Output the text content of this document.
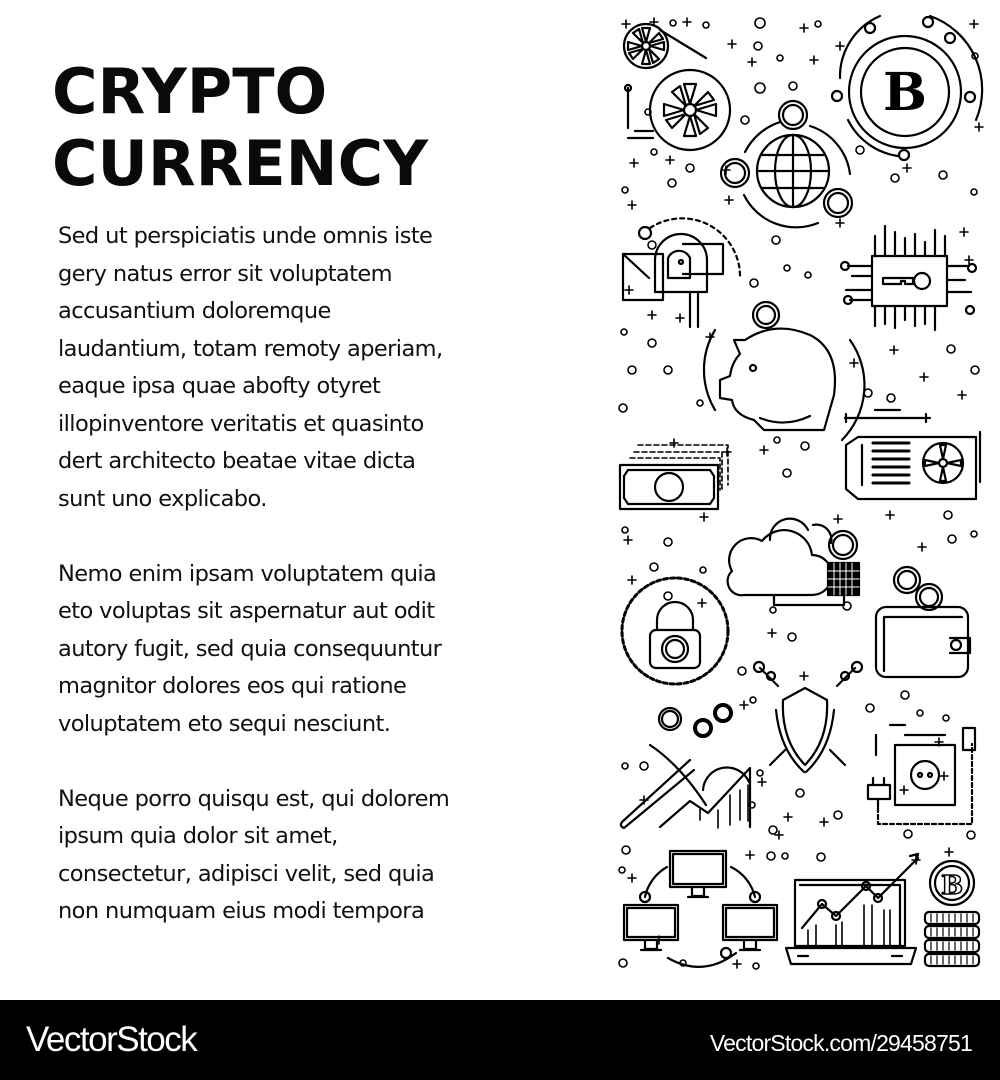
CRYPTO
CURRENCY

Sed ut perspiciatis unde omnis iste
gery natus error sit voluptatem
accusantium doloremque
laudantium, totam remoty aperiam,
eaque ipsa quae abofty otyret
illopinventore veritatis et quasinto
dert architecto beatae vitae dicta
sunt uno explicabo.

Nemo enim ipsam voluptatem quia
eto voluptas sit aspernatur aut odit
autory fugit, sed quia consequuntur
magnitor dolores eos qui ratione
voluptatem eto sequi nesciunt.

Neque porro quisqu est, qui dolorem
ipsum quia dolor sit amet,
consectetur, adipisci velit, sed quia
non numquam eius modi tempora

B
B
VectorStock	VectorStock.com/29458751
